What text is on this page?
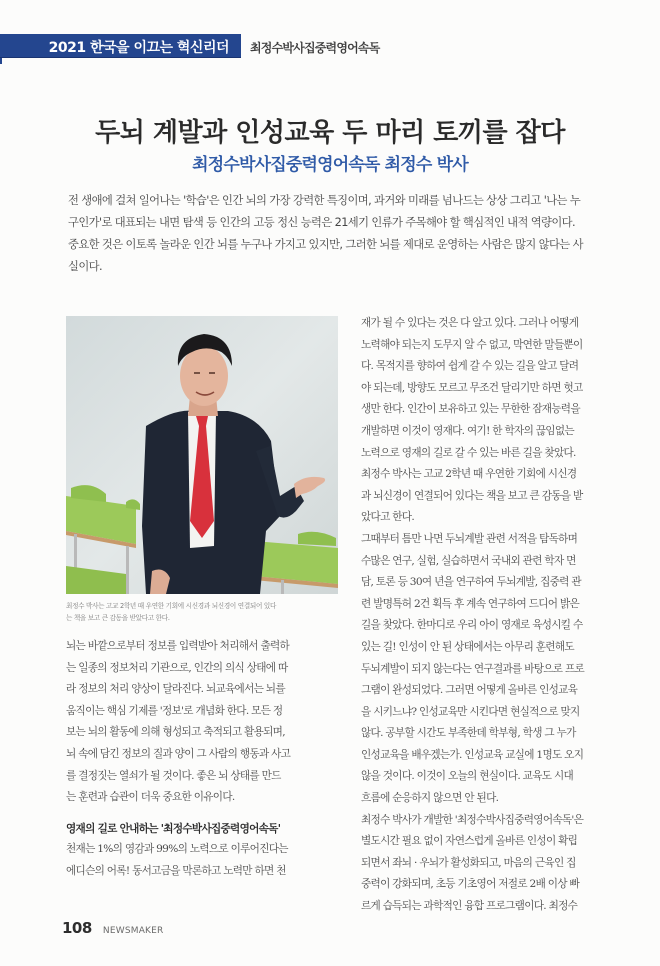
2021 한국을 이끄는 혁신리더 최정수박사집중력영어속독
두뇌 계발과 인성교육 두 마리 토끼를 잡다
최정수박사집중력영어속독 최정수 박사
전 생애에 걸쳐 일어나는 '학습'은 인간 뇌의 가장 강력한 특징이며, 과거와 미래를 넘나드는 상상 그리고 '나는 누
구인가'로 대표되는 내면 탐색 등 인간의 고등 정신 능력은 21세기 인류가 주목해야 할 핵심적인 내적 역량이다.
중요한 것은 이토록 놀라운 인간 뇌를 누구나 가지고 있지만, 그러한 뇌를 제대로 운영하는 사람은 많지 않다는 사
실이다.
최정수 박사는 고교 2학년 때 우연한 기회에 시신경과 뇌신경이 연결되어 있다
는 책을 보고 큰 감동을 받았다고 한다.
뇌는 바깥으로부터 정보를 입력받아 처리해서 출력하
는 일종의 정보처리 기관으로, 인간의 의식 상태에 따
라 정보의 처리 양상이 달라진다. 뇌교육에서는 뇌를
움직이는 핵심 기제를 '정보'로 개념화 한다. 모든 정
보는 뇌의 활동에 의해 형성되고 축적되고 활용되며,
뇌 속에 담긴 정보의 질과 양이 그 사람의 행동과 사고
를 결정짓는 열쇠가 될 것이다. 좋은 뇌 상태를 만드
는 훈련과 습관이 더욱 중요한 이유이다.
영재의 길로 안내하는 '최정수박사집중력영어속독'
천재는 1%의 영감과 99%의 노력으로 이루어진다는
에디슨의 어록! 동서고금을 막론하고 노력만 하면 천
재가 될 수 있다는 것은 다 알고 있다. 그러나 어떻게
노력해야 되는지 도무지 알 수 없고, 막연한 말들뿐이
다. 목적지를 향하여 쉽게 갈 수 있는 길을 알고 달려
야 되는데, 방향도 모르고 무조건 달리기만 하면 헛고
생만 한다. 인간이 보유하고 있는 무한한 잠재능력을
개발하면 이것이 영재다. 여기! 한 학자의 끊임없는
노력으로 영재의 길로 갈 수 있는 바른 길을 찾았다.
최정수 박사는 고교 2학년 때 우연한 기회에 시신경
과 뇌신경이 연결되어 있다는 책을 보고 큰 감동을 받
았다고 한다.
그때부터 틈만 나면 두뇌계발 관련 서적을 탐독하며
수많은 연구, 실험, 실습하면서 국내외 관련 학자 면
담, 토론 등 30여 년을 연구하여 두뇌계발, 집중력 관
련 발명특허 2건 획득 후 계속 연구하여 드디어 밝은
길을 찾았다. 한마디로 우리 아이 영재로 육성시킬 수
있는 길! 인성이 안 된 상태에서는 아무리 훈련해도
두뇌계발이 되지 않는다는 연구결과를 바탕으로 프로
그램이 완성되었다. 그러면 어떻게 올바른 인성교육
을 시키느냐? 인성교육만 시킨다면 현실적으로 맞지
않다. 공부할 시간도 부족한데 학부형, 학생 그 누가
인성교육을 배우겠는가. 인성교육 교실에 1명도 오지
않을 것이다. 이것이 오늘의 현실이다. 교육도 시대
흐름에 순응하지 않으면 안 된다.
최정수 박사가 개발한 '최정수박사집중력영어속독'은
별도시간 필요 없이 자연스럽게 올바른 인성이 확립
되면서 좌뇌 · 우뇌가 활성화되고, 마음의 근육인 집
중력이 강화되며, 초등 기초영어 저절로 2배 이상 빠
르게 습득되는 과학적인 융합 프로그램이다. 최정수
108 NEWSMAKER
